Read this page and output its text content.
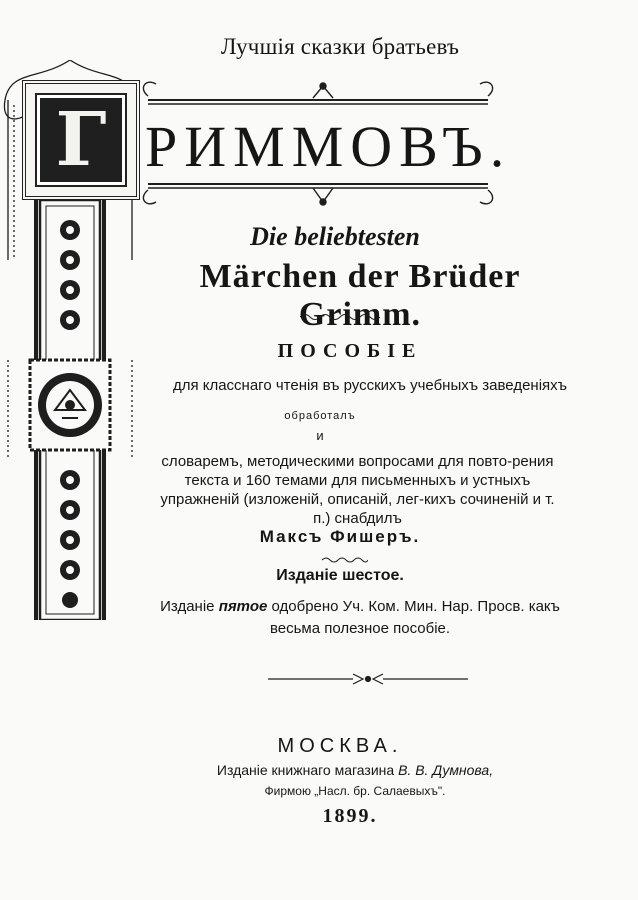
Лучшія сказки братьевъ
Г РИММОВЪ.
Die beliebtesten
Märchen der Brüder Grimm.
ПОСОБІЕ
для класснаго чтенія въ русскихъ учебныхъ заведеніяхъ
обработалъ
и
словаремъ, методическими вопросами для повто-рения текста и 160 темами для письменныхъ и устныхъ упражненій (изложеній, описаній, лег-кихъ сочиненій и т. п.) снабдилъ
Максъ Фишеръ.
Изданіе шестое.
Изданіе пятое одобрено Уч. Ком. Мин. Нар. Просв. какъ весьма полезное пособіе.
МОСКВА.
Изданіе книжнаго магазина В. В. Думнова,
Фирмою „Насл. бр. Салаевыхъ".
1899.
